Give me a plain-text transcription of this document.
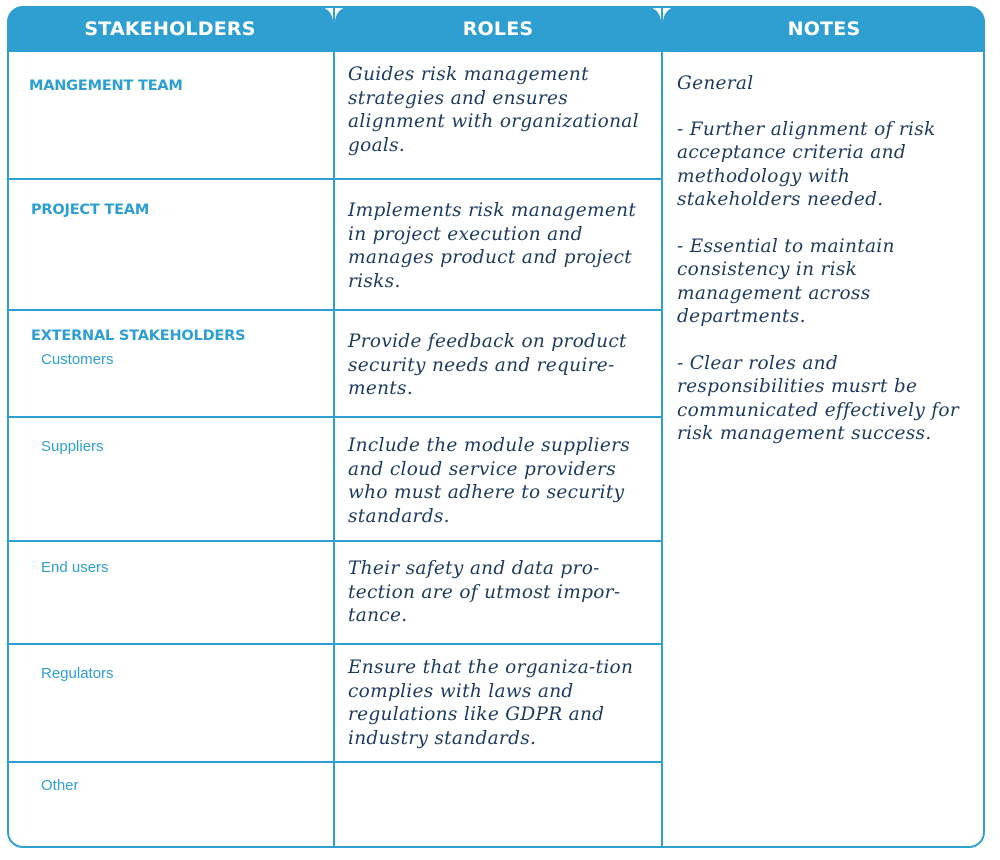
STAKEHOLDERS	ROLES	NOTES
MANGEMENT TEAM
PROJECT TEAM
EXTERNAL STAKEHOLDERS
Customers
Suppliers
End users
Regulators
Other
Guides risk management strategies and ensures alignment with organizational goals.
Implements risk management in project execution and manages product and project risks.
Provide feedback on product security needs and require-ments.
Include the module suppliers and cloud service providers who must adhere to security standards.
Their safety and data pro-tection are of utmost impor-tance.
Ensure that the organiza-tion complies with laws and regulations like GDPR and industry standards.

General

- Further alignment of risk acceptance criteria and methodology with stakeholders needed.

- Essential to maintain consistency in risk management across departments.

- Clear roles and responsibilities musrt be communicated effectively for risk management success.
